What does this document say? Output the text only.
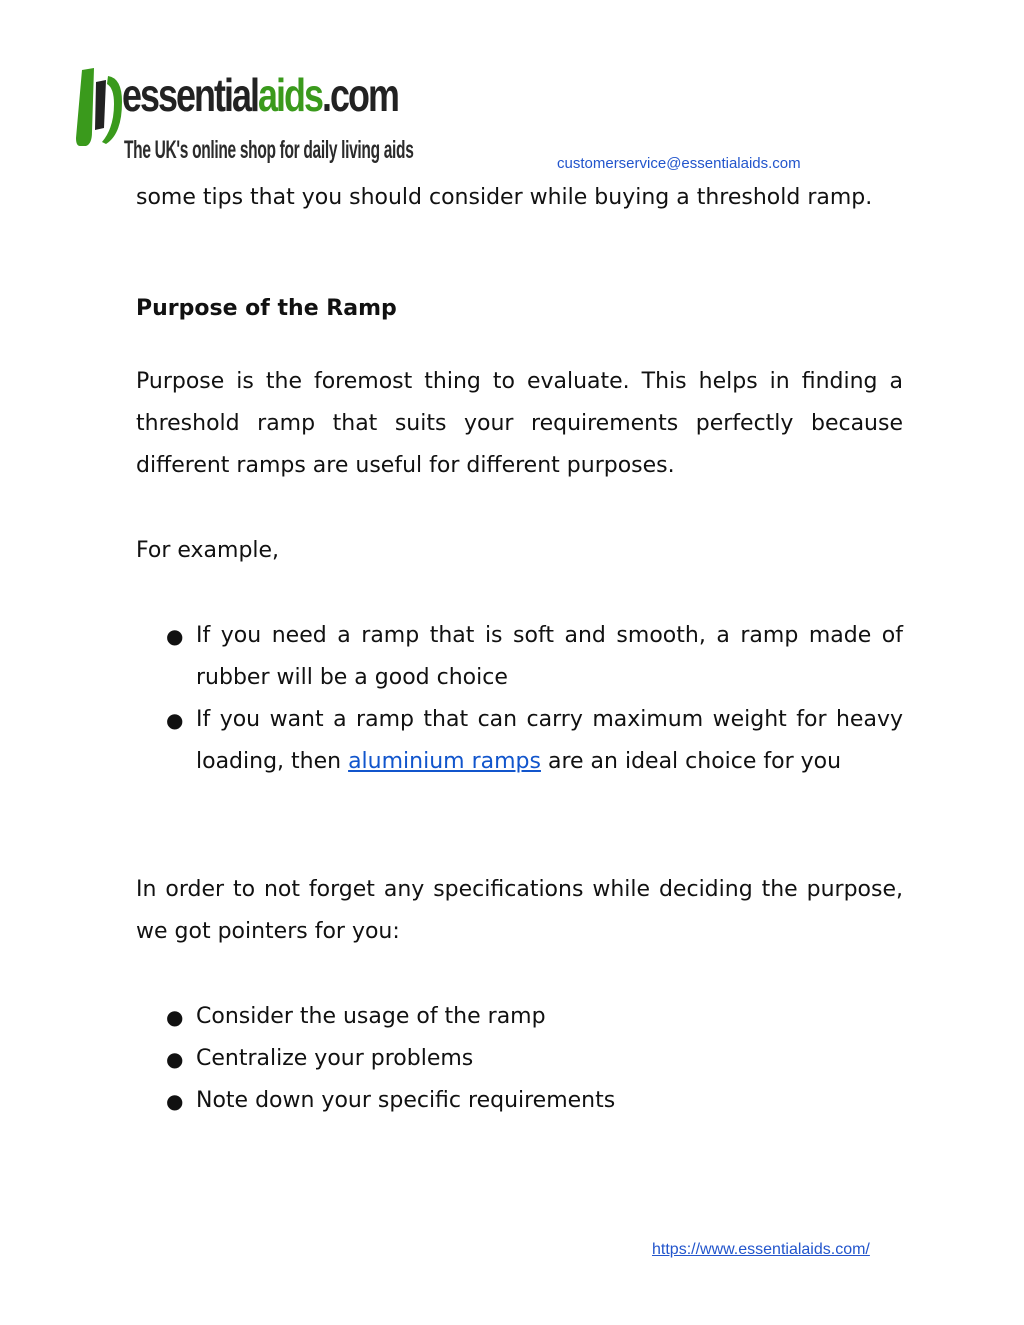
essentialaids.com
The UK's online shop for daily living aids	customerservice@essentialaids.com

some tips that you should consider while buying a threshold ramp.

Purpose of the Ramp

Purpose is the foremost thing to evaluate. This helps in finding a threshold ramp that suits your requirements perfectly because different ramps are useful for different purposes.

For example,

● If you need a ramp that is soft and smooth, a ramp made of rubber will be a good choice
● If you want a ramp that can carry maximum weight for heavy loading, then aluminium ramps are an ideal choice for you

In order to not forget any specifications while deciding the purpose, we got pointers for you:

● Consider the usage of the ramp
● Centralize your problems
● Note down your specific requirements
https://www.essentialaids.com/
